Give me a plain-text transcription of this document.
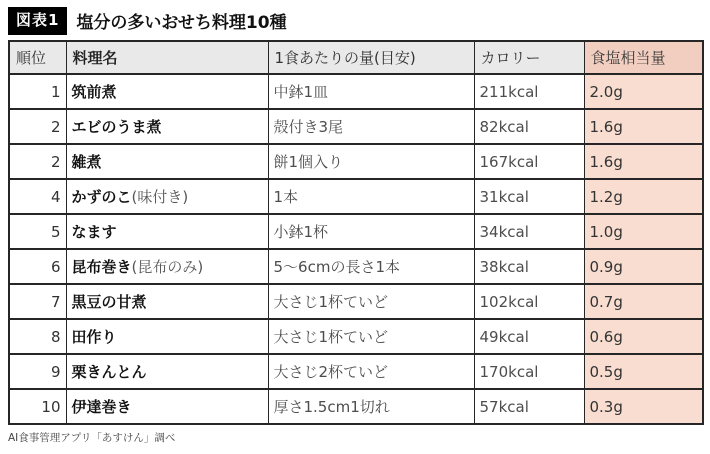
図表1	塩分の多いおせち料理10種
順位	料理名	1食あたりの量(目安)	カロリー	食塩相当量
1	筑前煮	中鉢1皿	211kcal	2.0g
2	エビのうま煮	殻付き3尾	82kcal	1.6g
2	雑煮	餅1個入り	167kcal	1.6g
4	かずのこ(味付き)	1本	31kcal	1.2g
5	なます	小鉢1杯	34kcal	1.0g
6	昆布巻き(昆布のみ)	5〜6cmの長さ1本	38kcal	0.9g
7	黒豆の甘煮	大さじ1杯ていど	102kcal	0.7g
8	田作り	大さじ1杯ていど	49kcal	0.6g
9	栗きんとん	大さじ2杯ていど	170kcal	0.5g
10	伊達巻き	厚さ1.5cm1切れ	57kcal	0.3g
AI食事管理アプリ「あすけん」調べ
